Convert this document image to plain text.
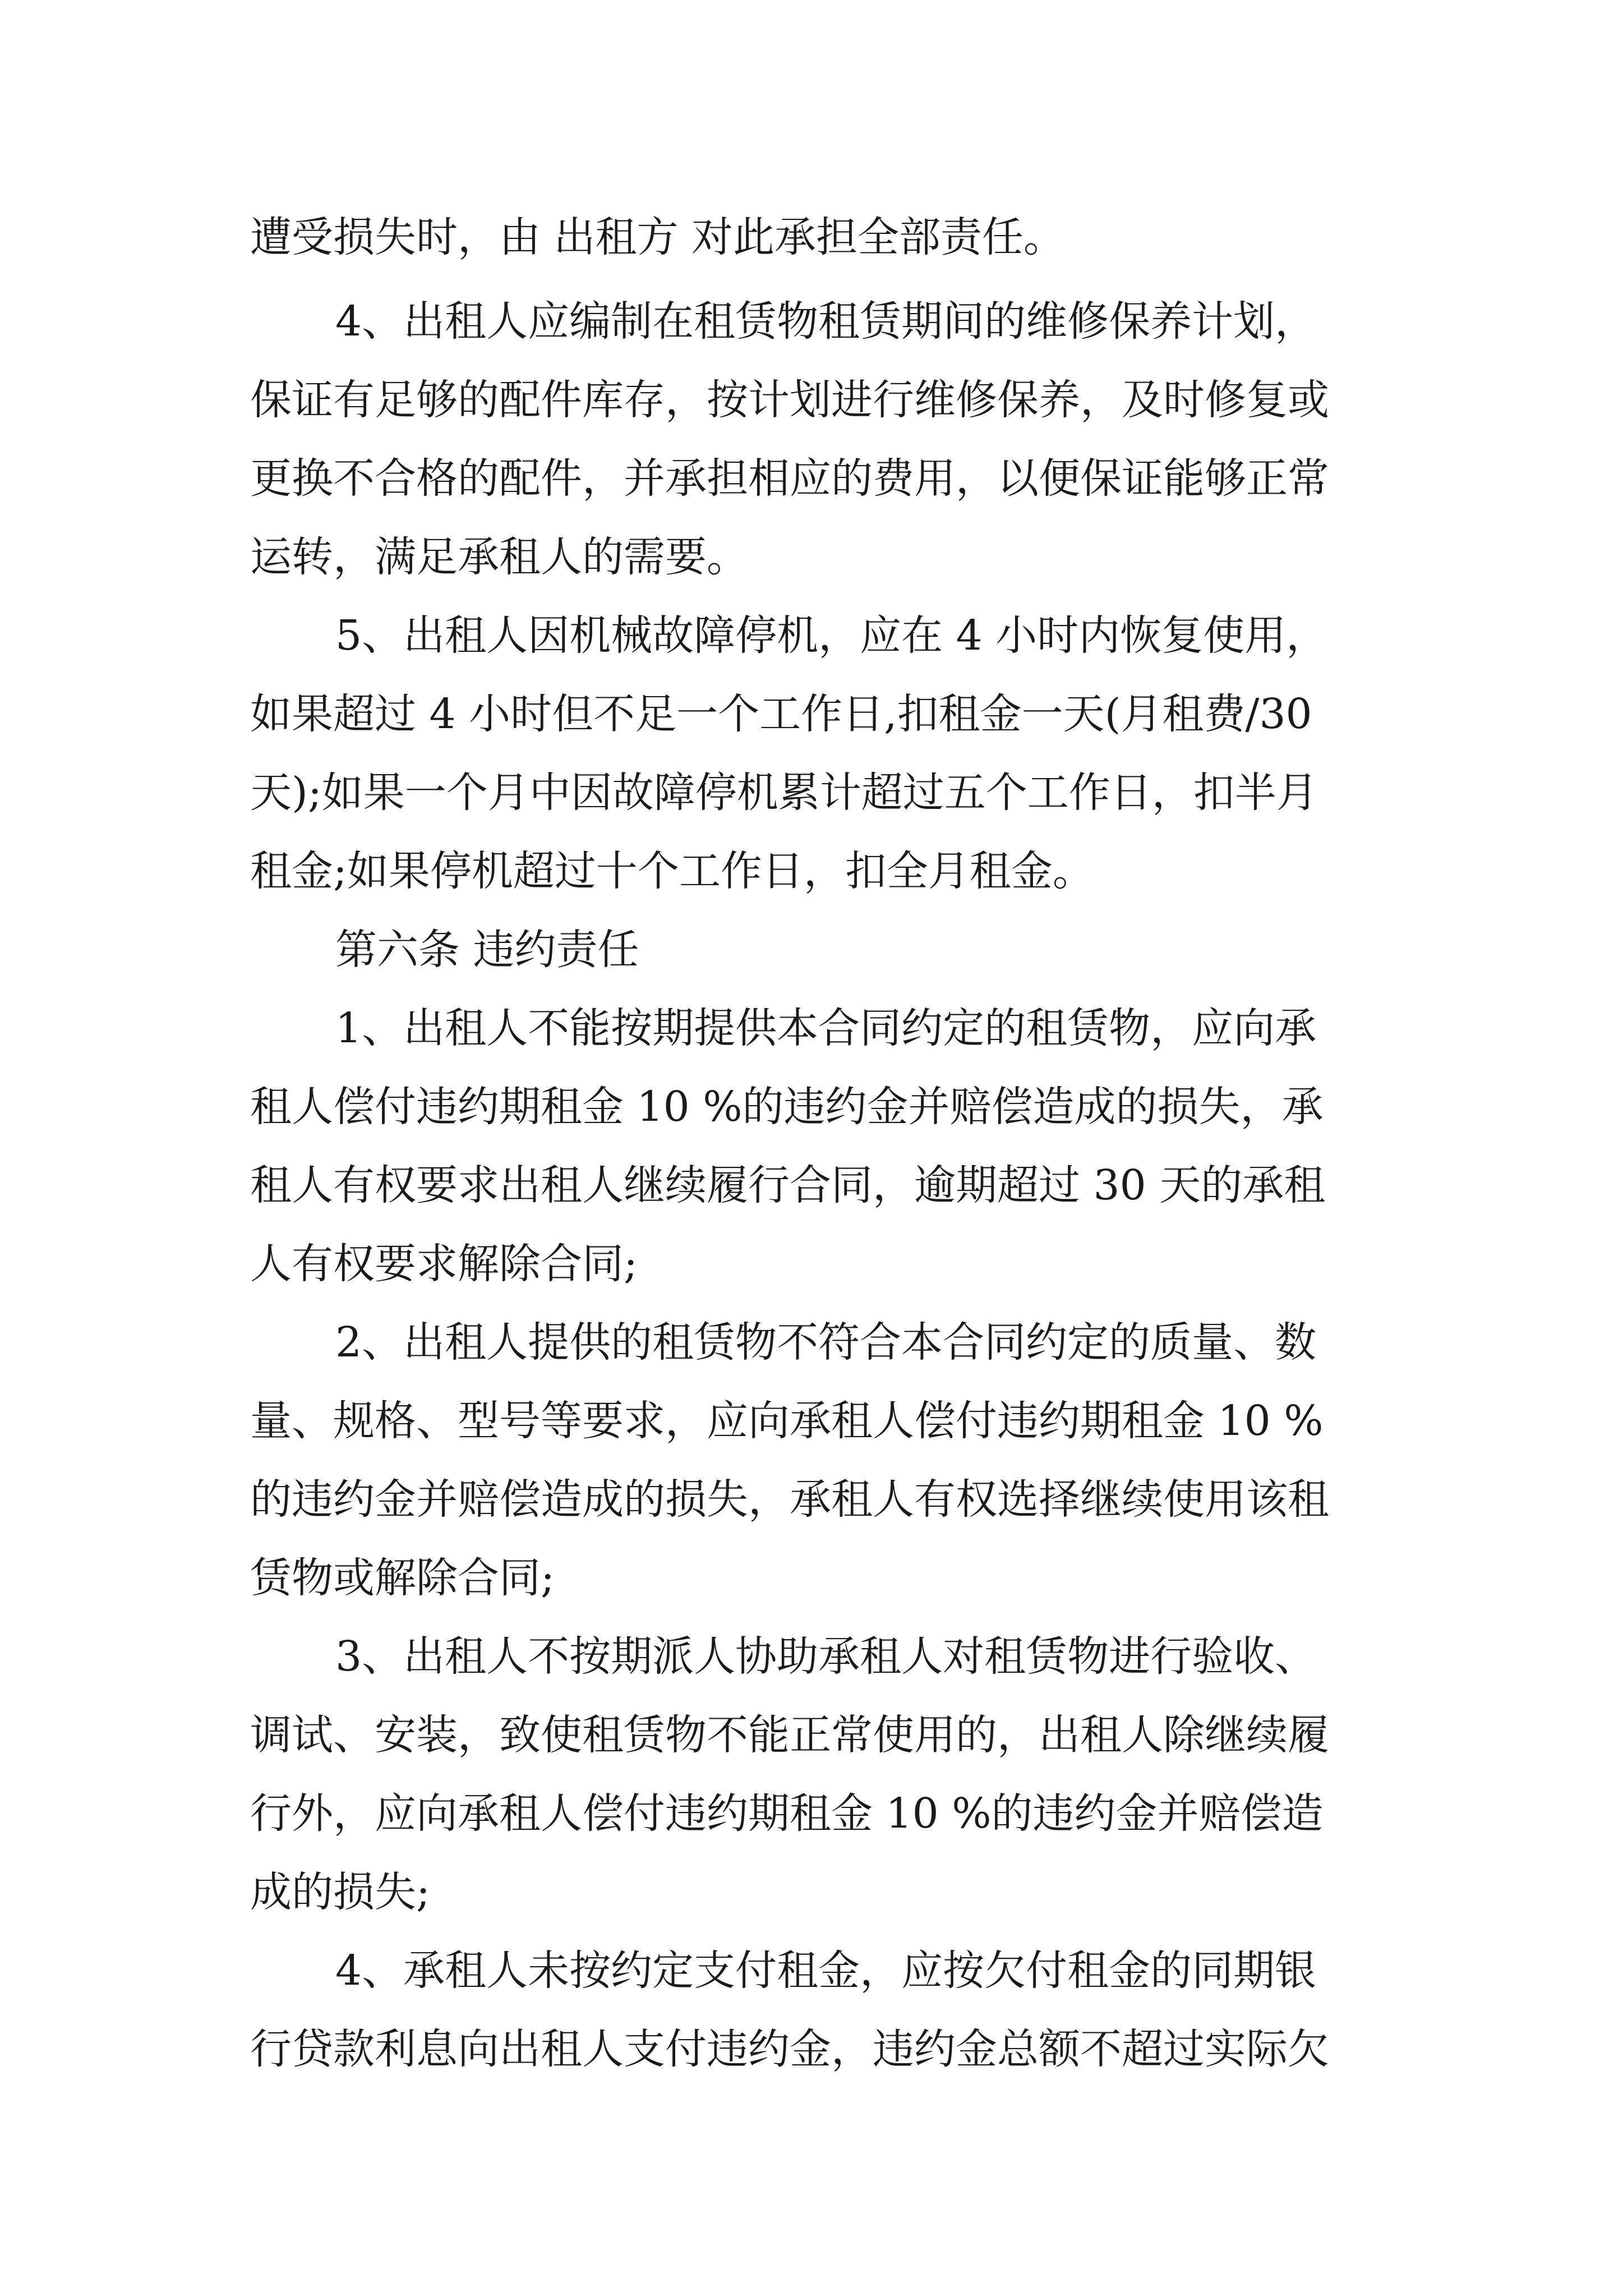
遭受损失时，由 出租方 对此承担全部责任。
4、出租人应编制在租赁物租赁期间的维修保养计划，
保证有足够的配件库存，按计划进行维修保养，及时修复或
更换不合格的配件，并承担相应的费用，以便保证能够正常
运转，满足承租人的需要。
5、出租人因机械故障停机，应在 4 小时内恢复使用，
如果超过 4 小时但不足一个工作日,扣租金一天(月租费/30
天);如果一个月中因故障停机累计超过五个工作日，扣半月
租金;如果停机超过十个工作日，扣全月租金。
第六条 违约责任
1、出租人不能按期提供本合同约定的租赁物，应向承
租人偿付违约期租金 10 %的违约金并赔偿造成的损失，承
租人有权要求出租人继续履行合同，逾期超过 30 天的承租
人有权要求解除合同;
2、出租人提供的租赁物不符合本合同约定的质量、数
量、规格、型号等要求，应向承租人偿付违约期租金 10 %
的违约金并赔偿造成的损失，承租人有权选择继续使用该租
赁物或解除合同;
3、出租人不按期派人协助承租人对租赁物进行验收、
调试、安装，致使租赁物不能正常使用的，出租人除继续履
行外，应向承租人偿付违约期租金 10 %的违约金并赔偿造
成的损失;
4、承租人未按约定支付租金，应按欠付租金的同期银
行贷款利息向出租人支付违约金，违约金总额不超过实际欠
